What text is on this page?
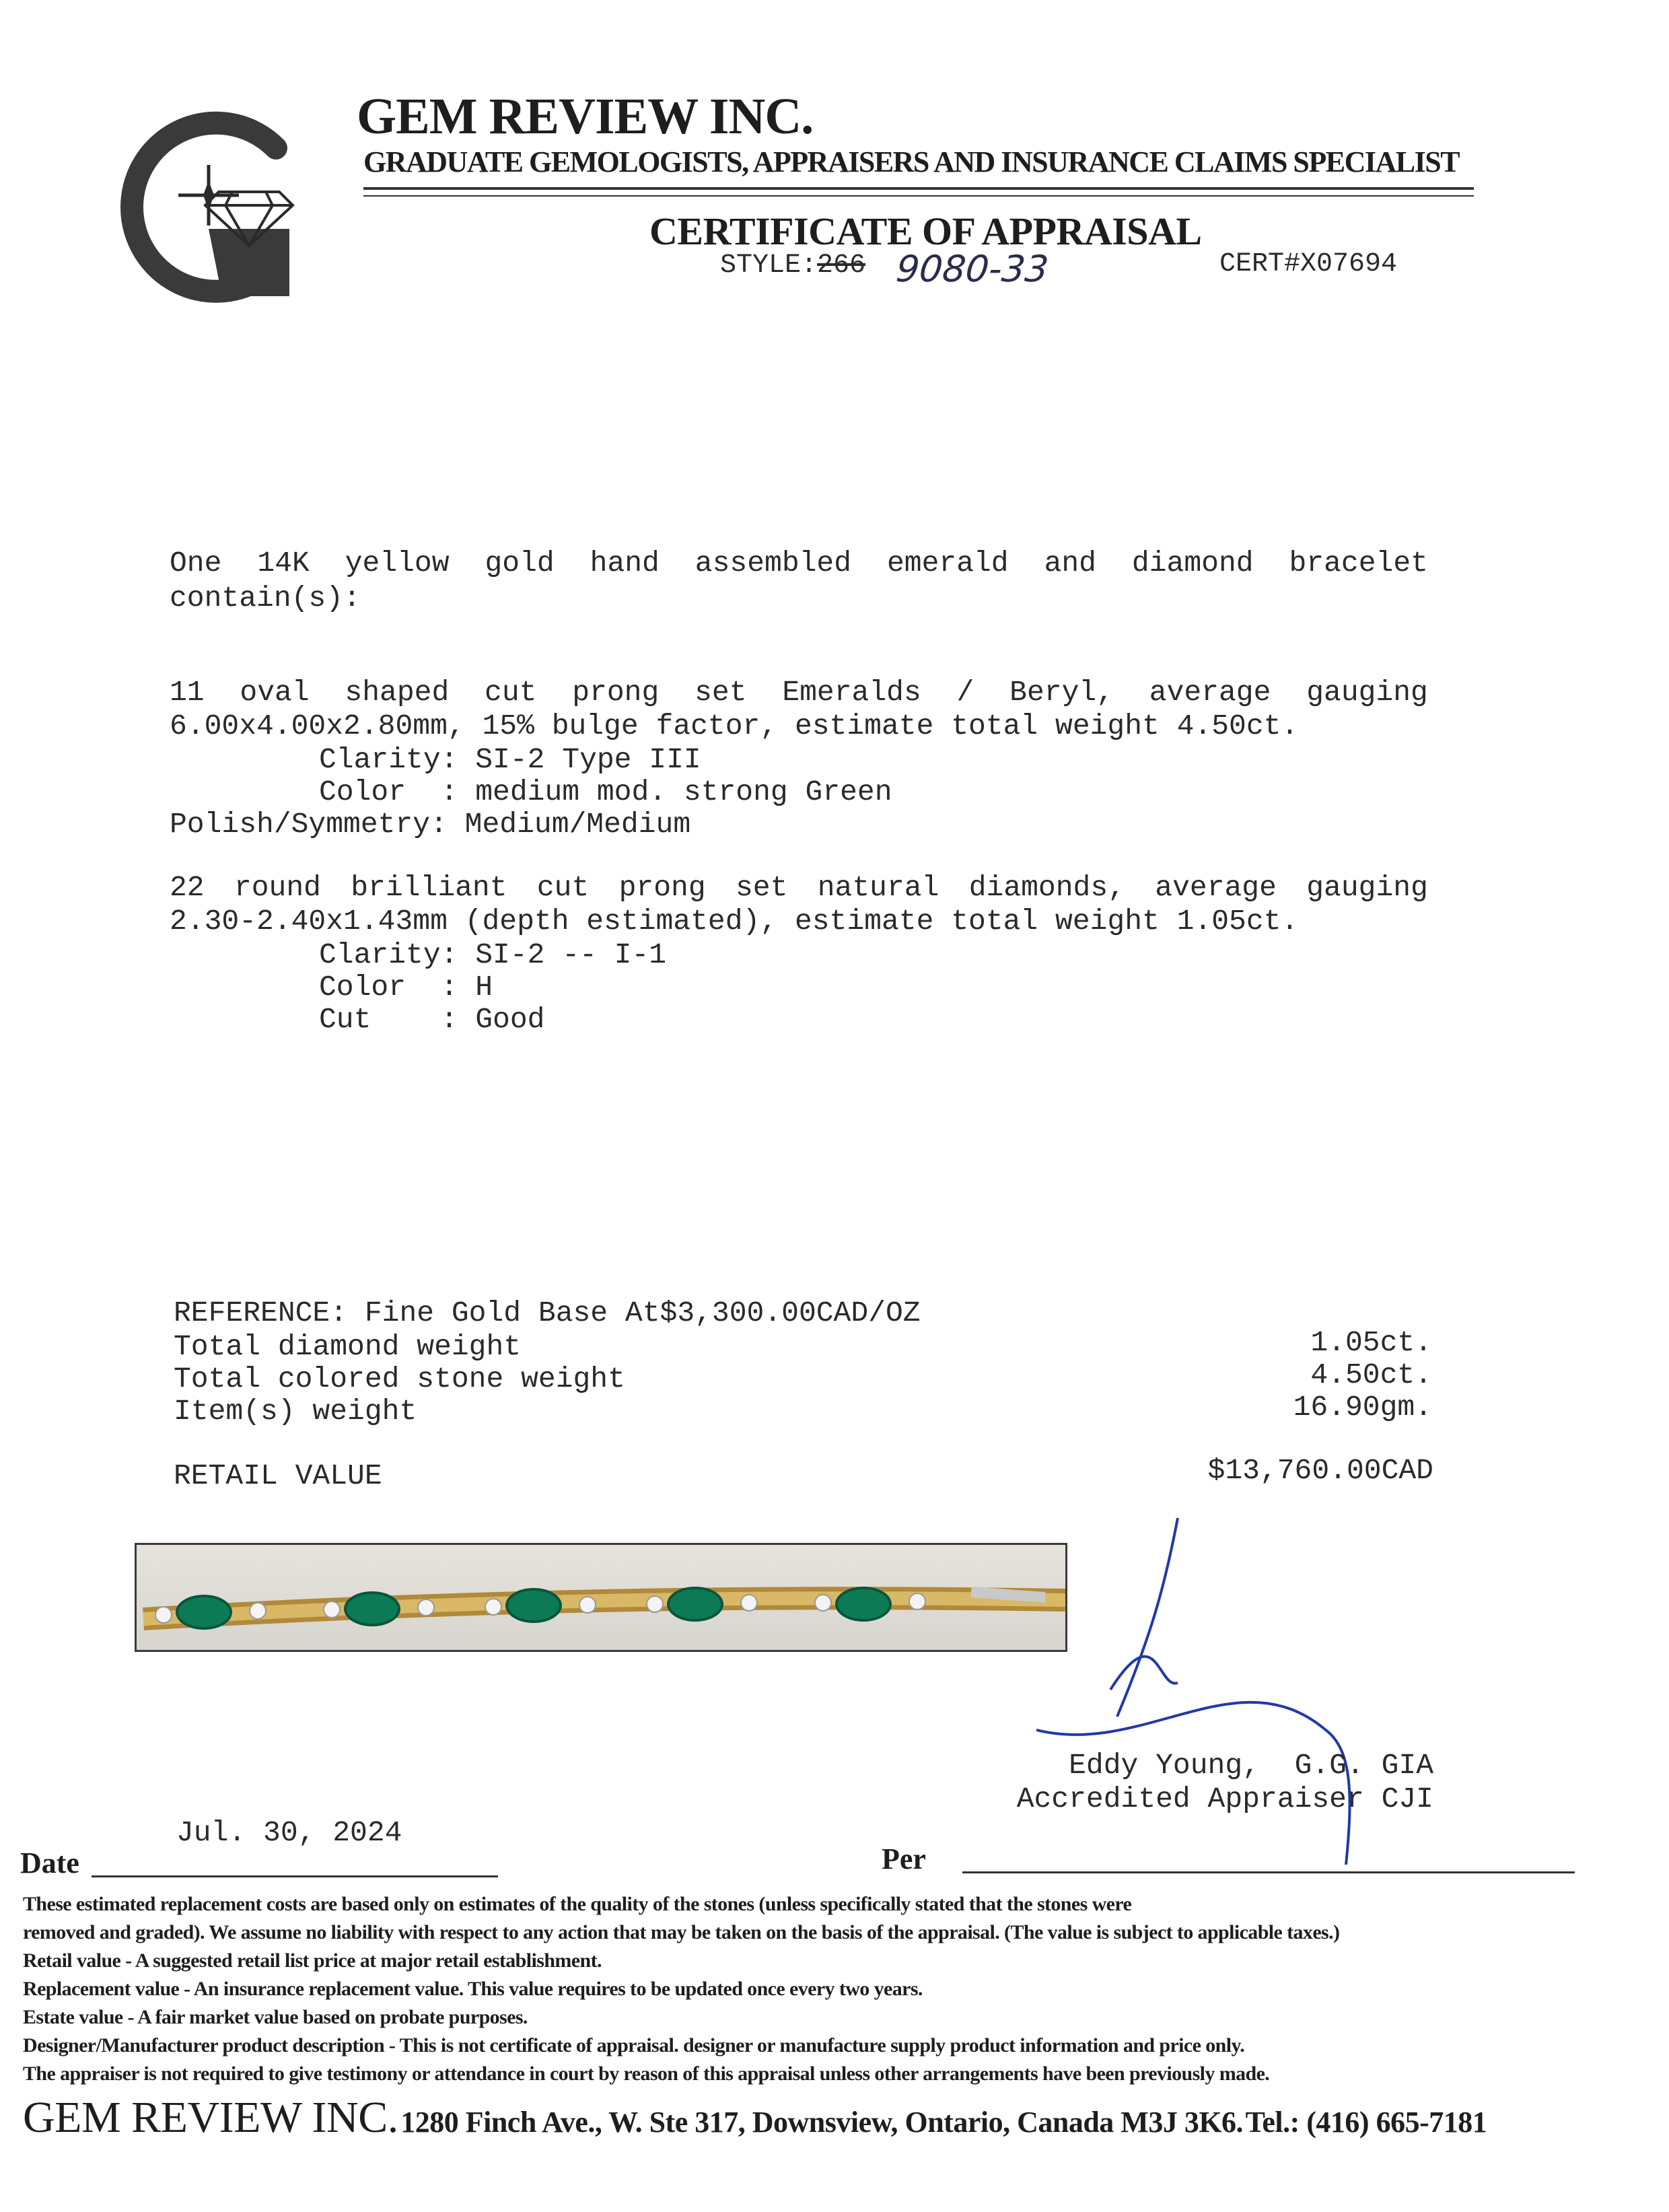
GEM REVIEW INC.
GRADUATE GEMOLOGISTS, APPRAISERS AND INSURANCE CLAIMS SPECIALIST
CERTIFICATE OF APPRAISAL
STYLE:266 9080-33	CERT#X07694
One 14K yellow gold hand assembled emerald and diamond bracelet
contain(s):
11 oval shaped cut prong set Emeralds / Beryl, average gauging
6.00x4.00x2.80mm, 15% bulge factor, estimate total weight 4.50ct.
Clarity: SI-2 Type III
Color  : medium mod. strong Green
Polish/Symmetry: Medium/Medium
22 round brilliant cut prong set natural diamonds, average gauging
2.30-2.40x1.43mm (depth estimated), estimate total weight 1.05ct.
Clarity: SI-2 -- I-1
Color  : H
Cut    : Good
REFERENCE: Fine Gold Base At$3,300.00CAD/OZ
Total diamond weight	1.05ct.
Total colored stone weight	4.50ct.
Item(s) weight	16.90gm.
RETAIL VALUE	$13,760.00CAD
Jul. 30, 2024
Eddy Young,  G.G. GIA
Accredited Appraiser CJI
Date	Per

These estimated replacement costs are based only on estimates of the quality of the stones (unless specifically stated that the stones were

removed and graded). We assume no liability with respect to any action that may be taken on the basis of the appraisal. (The value is subject to applicable taxes.)

Retail value - A suggested retail list price at major retail establishment.

Replacement value - An insurance replacement value. This value requires to be updated once every two years.

Estate value - A fair market value based on probate purposes.

Designer/Manufacturer product description - This is not certificate of appraisal. designer or manufacture supply product information and price only.

The appraiser is not required to give testimony or attendance in court by reason of this appraisal unless other arrangements have been previously made.

GEM REVIEW INC. 1280 Finch Ave., W. Ste 317, Downsview, Ontario, Canada M3J 3K6. Tel.: (416) 665-7181
